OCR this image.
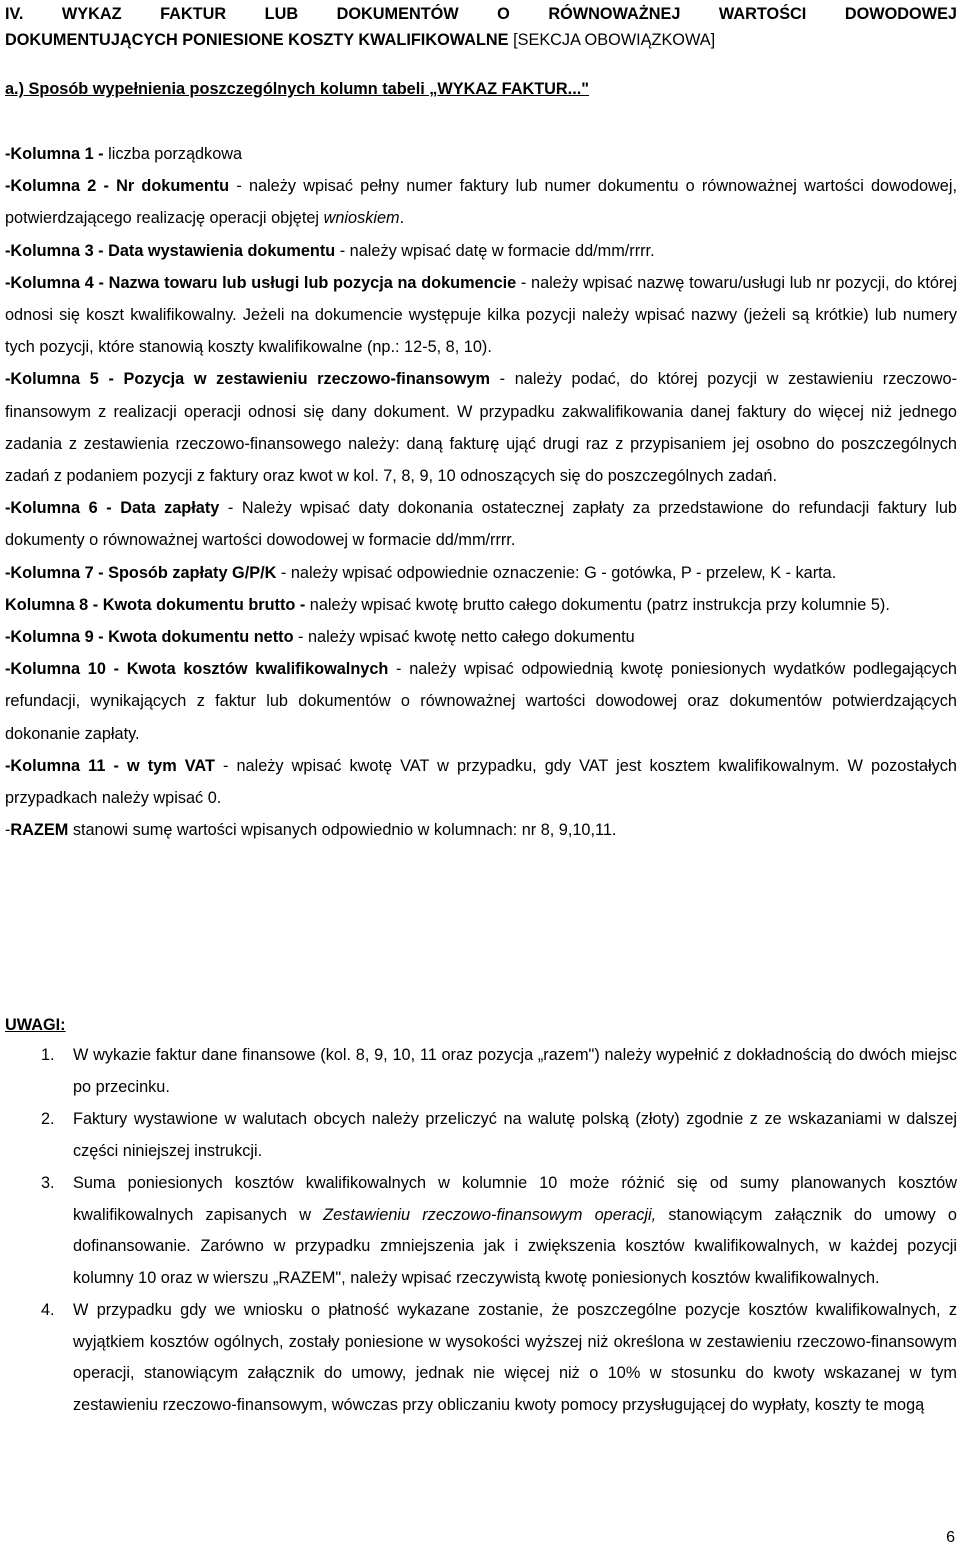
IV. WYKAZ FAKTUR LUB DOKUMENTÓW O RÓWNOWAŻNEJ WARTOŚCI DOWODOWEJ
DOKUMENTUJĄCYCH PONIESIONE KOSZTY KWALIFIKOWALNE [SEKCJA OBOWIĄZKOWA]
a.) Sposób wypełnienia poszczególnych kolumn tabeli „WYKAZ FAKTUR..."

-Kolumna 1 - liczba porządkowa

-Kolumna 2 - Nr dokumentu - należy wpisać pełny numer faktury lub numer dokumentu o równoważnej wartości dowodowej, potwierdzającego realizację operacji objętej wnioskiem.

-Kolumna 3 - Data wystawienia dokumentu - należy wpisać datę w formacie dd/mm/rrrr.

-Kolumna 4 - Nazwa towaru lub usługi lub pozycja na dokumencie - należy wpisać nazwę towaru/usługi lub nr pozycji, do której odnosi się koszt kwalifikowalny. Jeżeli na dokumencie występuje kilka pozycji należy wpisać nazwy (jeżeli są krótkie) lub numery tych pozycji, które stanowią koszty kwalifikowalne (np.: 12-5, 8, 10).

-Kolumna 5 - Pozycja w zestawieniu rzeczowo-finansowym - należy podać, do której pozycji w zestawieniu rzeczowo-finansowym z realizacji operacji odnosi się dany dokument. W przypadku zakwalifikowania danej faktury do więcej niż jednego zadania z zestawienia rzeczowo-finansowego należy: daną fakturę ująć drugi raz z przypisaniem jej osobno do poszczególnych zadań z podaniem pozycji z faktury oraz kwot w kol. 7, 8, 9, 10 odnoszących się do poszczególnych zadań.

-Kolumna 6 - Data zapłaty - Należy wpisać daty dokonania ostatecznej zapłaty za przedstawione do refundacji faktury lub dokumenty o równoważnej wartości dowodowej w formacie dd/mm/rrrr.

-Kolumna 7 - Sposób zapłaty G/P/K - należy wpisać odpowiednie oznaczenie: G - gotówka, P - przelew, K - karta.

Kolumna 8 - Kwota dokumentu brutto - należy wpisać kwotę brutto całego dokumentu (patrz instrukcja przy kolumnie 5).

-Kolumna 9 - Kwota dokumentu netto - należy wpisać kwotę netto całego dokumentu

-Kolumna 10 - Kwota kosztów kwalifikowalnych - należy wpisać odpowiednią kwotę poniesionych wydatków podlegających refundacji, wynikających z faktur lub dokumentów o równoważnej wartości dowodowej oraz dokumentów potwierdzających dokonanie zapłaty.

-Kolumna 11 - w tym VAT - należy wpisać kwotę VAT w przypadku, gdy VAT jest kosztem kwalifikowalnym. W pozostałych przypadkach należy wpisać 0.

-RAZEM stanowi sumę wartości wpisanych odpowiednio w kolumnach: nr 8, 9,10,11.

UWAGI:
1.	W wykazie faktur dane finansowe (kol. 8, 9, 10, 11 oraz pozycja „razem") należy wypełnić z dokładnością do dwóch miejsc po przecinku.
2.	Faktury wystawione w walutach obcych należy przeliczyć na walutę polską (złoty) zgodnie z ze wskazaniami w dalszej części niniejszej instrukcji.
3.	Suma poniesionych kosztów kwalifikowalnych w kolumnie 10 może różnić się od sumy planowanych kosztów kwalifikowalnych zapisanych w Zestawieniu rzeczowo-finansowym operacji, stanowiącym załącznik do umowy o dofinansowanie. Zarówno w przypadku zmniejszenia jak i zwiększenia kosztów kwalifikowalnych, w każdej pozycji kolumny 10 oraz w wierszu „RAZEM", należy wpisać rzeczywistą kwotę poniesionych kosztów kwalifikowalnych.
4.	W przypadku gdy we wniosku o płatność wykazane zostanie, że poszczególne pozycje kosztów kwalifikowalnych, z wyjątkiem kosztów ogólnych, zostały poniesione w wysokości wyższej niż określona w zestawieniu rzeczowo-finansowym operacji, stanowiącym załącznik do umowy, jednak nie więcej niż o 10% w stosunku do kwoty wskazanej w tym zestawieniu rzeczowo-finansowym, wówczas przy obliczaniu kwoty pomocy przysługującej do wypłaty, koszty te mogą
6
